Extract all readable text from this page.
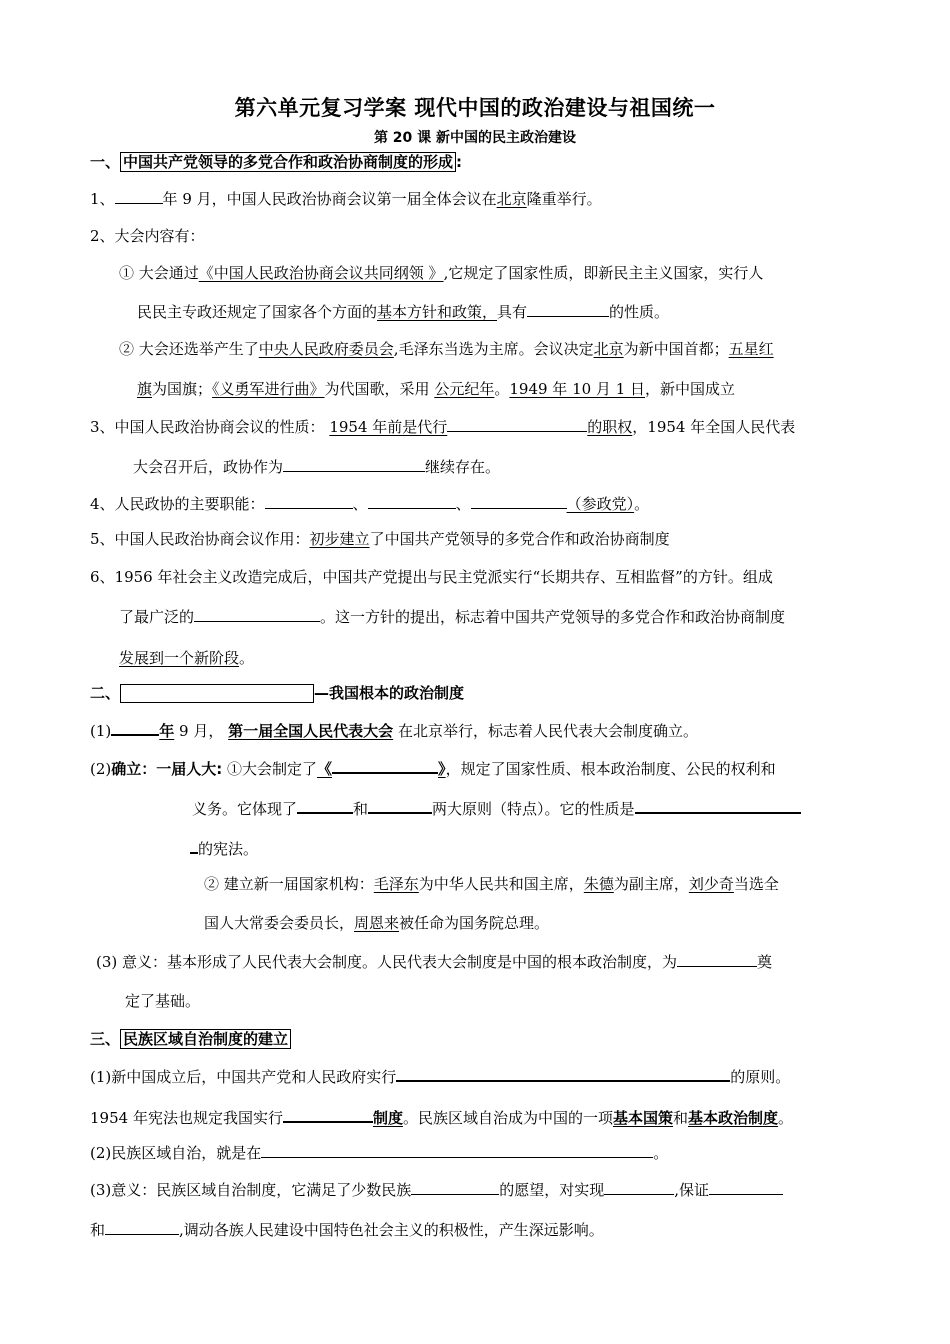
第六单元复习学案 现代中国的政治建设与祖国统一
第 20 课 新中国的民主政治建设
一、 中国共产党领导的多党合作和政治协商制度的形成 :
1、	年 9 月，中国人民政治协商会议第一届全体会议在北京隆重举行。
2、大会内容有：
① 大会通过《中国人民政治协商会议共同纲领 》,它规定了国家性质，即新民主主义国家，实行人
民民主专政还规定了国家各个方面的基本方针和政策，具有	的性质。
② 大会还选举产生了中央人民政府委员会,毛泽东当选为主席。会议决定北京为新中国首都；五星红
旗为国旗；《义勇军进行曲》为代国歌，采用 公元纪年。1949 年 10 月 1 日，新中国成立
3、中国人民政治协商会议的性质： 1954 年前是代行	的职权，1954 年全国人民代表
大会召开后，政协作为	继续存在。
4、人民政协的主要职能：	、	、	（参政党）。
5、中国人民政治协商会议作用：初步建立了中国共产党领导的多党合作和政治协商制度
6、1956 年社会主义改造完成后，中国共产党提出与民主党派实行“长期共存、互相监督”的方针。组成
了最广泛的	。这一方针的提出，标志着中国共产党领导的多党合作和政治协商制度
发展到一个新阶段。
二、	—我国根本的政治制度
(1)	年 9 月， 第一届全国人民代表大会 在北京举行，标志着人民代表大会制度确立。
(2)确立：一届人大: ①大会制定了《	》，规定了国家性质、根本政治制度、公民的权利和
义务。它体现了	和	两大原则（特点）。它的性质是
的宪法。
② 建立新一届国家机构：毛泽东为中华人民共和国主席，朱德为副主席，刘少奇当选全
国人大常委会委员长，周恩来被任命为国务院总理。
(3) 意义：基本形成了人民代表大会制度。人民代表大会制度是中国的根本政治制度，为	奠
定了基础。
三、 民族区域自治制度的建立
(1)新中国成立后，中国共产党和人民政府实行	的原则。
1954 年宪法也规定我国实行	制度。民族区域自治成为中国的一项基本国策和基本政治制度。
(2)民族区域自治，就是在	。
(3)意义：民族区域自治制度，它满足了少数民族	的愿望，对实现	,保证
和	,调动各族人民建设中国特色社会主义的积极性，产生深远影响。
